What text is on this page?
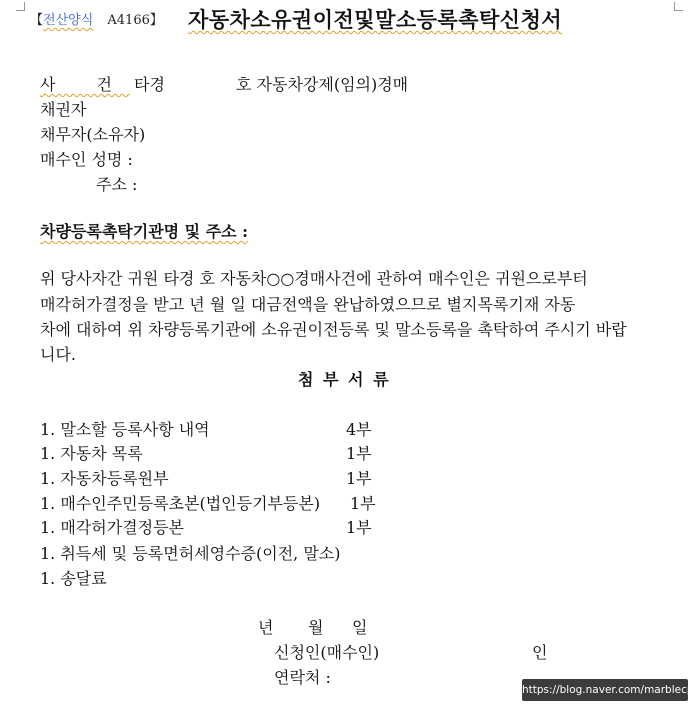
【전산양식 A4166】 자동차소유권이전및말소등록촉탁신청서
사 건 타경	호 자동차강제(임의)경매
채권자
채무자(소유자)
매수인 성명 :
주소 :
차량등록촉탁기관명 및 주소 :
위 당사자간 귀원 타경 호 자동차○○경매사건에 관하여 매수인은 귀원으로부터
매각허가결정을 받고 년 월 일 대금전액을 완납하였으므로 별지목록기재 자동
차에 대하여 위 차량등록기관에 소유권이전등록 및 말소등록을 촉탁하여 주시기 바랍
니다.
첨 부 서 류
1. 말소할 등록사항 내역	4부
1. 자동차 목록	1부
1. 자동차등록원부	1부
1. 매수인주민등록초본(법인등기부등본) 1부
1. 매각허가결정등본	1부
1. 취득세 및 등록면허세영수증(이전, 말소)
1. 송달료
년 월 일
신청인(매수인)	인
연락처 :
https://blog.naver.com/marblecp
